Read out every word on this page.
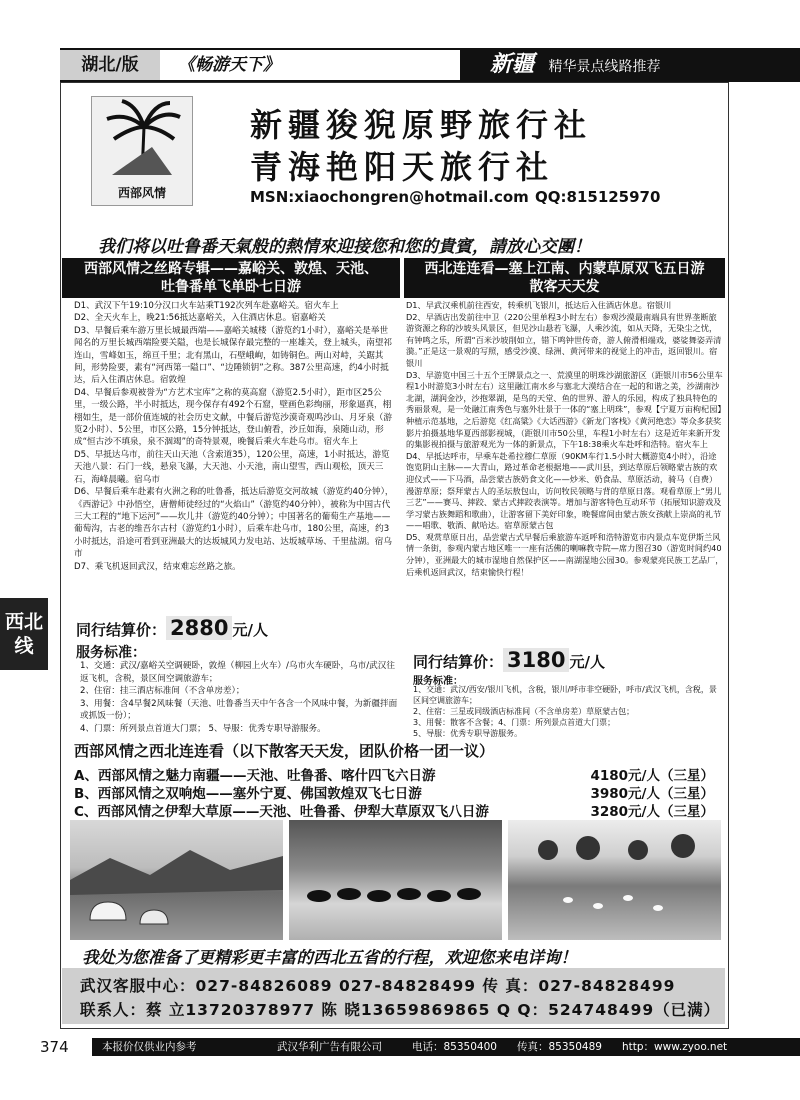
湖北/版	《畅游天下》	新疆 精华景点线路推荐
西部风情
新疆狻猊原野旅行社
青海艳阳天旅行社
MSN:xiaochongren@hotmail.com QQ:815125970
我们将以吐鲁番天氣般的熱情來迎接您和您的貴賓，請放心交團！
西部风情之丝路专辑——嘉峪关、敦煌、天池、
吐鲁番单飞单卧七日游

D1、武汉下午19:10分汉口火车站乘T192次列车赴嘉峪关。宿火车上

D2、全天火车上，晚21:56抵达嘉峪关，入住酒店休息。宿嘉峪关

D3、早餐后乘车游万里长城最西端——嘉峪关城楼（游览约1小时），嘉峪关是举世闻名的万里长城西端险要关隘，也是长城保存最完整的一座雄关，登上城头，南望祁连山，雪峰如玉，绵亘千里；北有黑山，石壁峨峋，如铸铜色。两山对峙，关踞其间，形势险要，素有“河西第一隘口”、“边陲锁钥”之称。387公里高速，约4小时抵达，后入住酒店休息。宿敦煌

D4、早餐后参观被誉为“方艺术宝库”之称的莫高窟（游览2.5小时），距市区25公里，一级公路，半小时抵达，现今保存有492个石窟，壁画色彩绚丽，形象逼真，栩栩如生，是一部价值连城的社会历史文献，中餐后游览沙漠奇观鸣沙山、月牙泉（游览2小时）、5公里，市区公路，15分钟抵达，登山俯看，沙丘如海，泉随山动，形成“恒古沙不填泉，泉不涸竭”的奇特景观，晚餐后乘火车赴乌市。宿火车上

D5、早抵达乌市，前往天山天池（含索道35），120公里，高速，1小时抵达，游览天池八景：石门一线，悬泉飞瀑，大天池、小天池，南山望雪，西山观松，顶天三石，海峰晨曦。宿乌市

D6、早餐后乘车赴素有火洲之称的吐鲁番，抵达后游览交河故城（游览约40分钟），《西游记》中孙悟空，唐僧师徒经过的“火焰山”（游览约40分钟），被称为中国古代三大工程的“地下运河”——坎儿井（游览约40分钟）；中国著名的葡萄生产基地——葡萄沟，古老的维吾尔古村（游览约1小时），后乘车赴乌市，180公里，高速，约3小时抵达，沿途可看到亚洲最大的达坂城风力发电站、达坂城草场、千里盐湖。宿乌市

D7、乘飞机返回武汉，结束难忘丝路之旅。

同行结算价： 2880 元/人
服务标准：
1、交通：武汉/嘉峪关空调硬卧，敦煌（柳园上火车）/乌市火车硬卧，乌市/武汉往返飞机，含税，景区间空调旅游车；
2、住宿：挂三酒店标准间（不含单房差）；
3、用餐：含4早餐2风味餐（天池、吐鲁番当天中午各含一个风味中餐，为新疆拌面或抓饭一份）；
4、门票：所列景点首道大门票； 5、导服：优秀专职导游服务。
西北连连看—塞上江南、内蒙草原双飞五日游
散客天天发

D1、早武汉乘机前往西安，转乘机飞银川，抵达后入住酒店休息。宿银川

D2、早酒店出发前往中卫（220公里单程3小时左右）参观沙漠最南端具有世界垄断旅游资源之称的沙坡头风景区，但见沙山悬若飞瀑，人乘沙流，如从天降，无染尘之忧，有钟鸣之乐，所谓“百米沙坡削如立，错下鸣钟世传奇，游人俯滑相端戏，婆娑舞姿弄清漪。”正是这一景观的写照，感受沙漠、绿洲、黄河带来的视觉上的冲击，返回银川。宿银川

D3、早游览中国三十五个王牌景点之一、荒漠里的明珠沙湖旅游区（距银川市56公里车程1小时游览3小时左右）这里融江南水乡与塞北大漠结合在一起的和谐之美，沙湖南沙北湖，湖润金沙，沙抱翠湖，是鸟的天堂、鱼的世界、游人的乐园，构成了独具特色的秀丽景观，是一处融江南秀色与塞外壮景于一体的“塞上明珠”，参观【宁夏万亩枸杞园】种植示范基地，之后游览《红高粱》《大话西游》《新龙门客栈》《黄河绝恋》等众多获奖影片拍摄基地华夏西部影视城，（距银川市50公里，车程1小时左右）这是近年来新开发的集影视拍摄与旅游观光为一体的新景点，下午18:38乘火车赴呼和浩特。宿火车上

D4、早抵达呼市，早乘车赴希拉穆仁草原（90KM车行1.5小时大概游览4小时），沿途饱览阴山主脉——大青山，路过革命老根据地——武川县，到达草原后领略蒙古族的欢迎仪式——下马酒，品尝蒙古族奶食文化——炒米、奶食品、草原活动，骑马（自费）漫游草原；祭拜蒙古人的圣坛敖包山，访问牧民领略与背的草原日落。观看草原上“男儿三艺”——赛马、摔跤、蒙古式摔跤表演等。增加与游客特色互动环节（拓展知识游戏及学习蒙古族舞蹈和歌曲），让游客留下美好印象，晚餐席间由蒙古族女孩献上崇高的礼节——唱歌、敬酒、献哈达。宿草原蒙古包

D5、观赏草原日出，品尝蒙古式早餐后乘旅游车返呼和浩特游览市内景点车览伊斯兰风情一条街，参观内蒙古地区唯一一座有活佛的喇嘛教寺院—席力图召30（游览时间约40分钟），亚洲最大的城市湿地自然保护区——南湖湿地公园30。参观蒙亮民族工艺品厂，后乘机返回武汉，结束愉快行程！

同行结算价： 3180 元/人
服务标准：
1、交通：武汉/西安/银川飞机，含税，银川/呼市非空硬卧，呼市/武汉飞机，含税，景区间空调旅游车；
2、住宿：三星或同级酒店标准间（不含单房差）草原蒙古包；
3、用餐：散客不含餐；4、门票：所列景点首道大门票；
5、导服：优秀专职导游服务。
西部风情之西北连连看（以下散客天天发，团队价格一团一议）
A、西部风情之魅力南疆——天池、吐鲁番、喀什四飞六日游	4180元/人（三星）
B、西部风情之双响炮——塞外宁夏、佛国敦煌双飞七日游	3980元/人（三星）
C、西部风情之伊犁大草原——天池、吐鲁番、伊犁大草原双飞八日游	3280元/人（三星）
我处为您准备了更精彩更丰富的西北五省的行程，欢迎您来电详询！
武汉客服中心：027-84826089 027-84828499 传 真：027-84828499
联系人：蔡 立13720378977 陈 晓13659869865 Q Q：524748499（已满）
西北线
374	本报价仅供业内参考	武汉华利广告有限公司	电话：85350400 传真：85350489 http：www.zyoo.net
